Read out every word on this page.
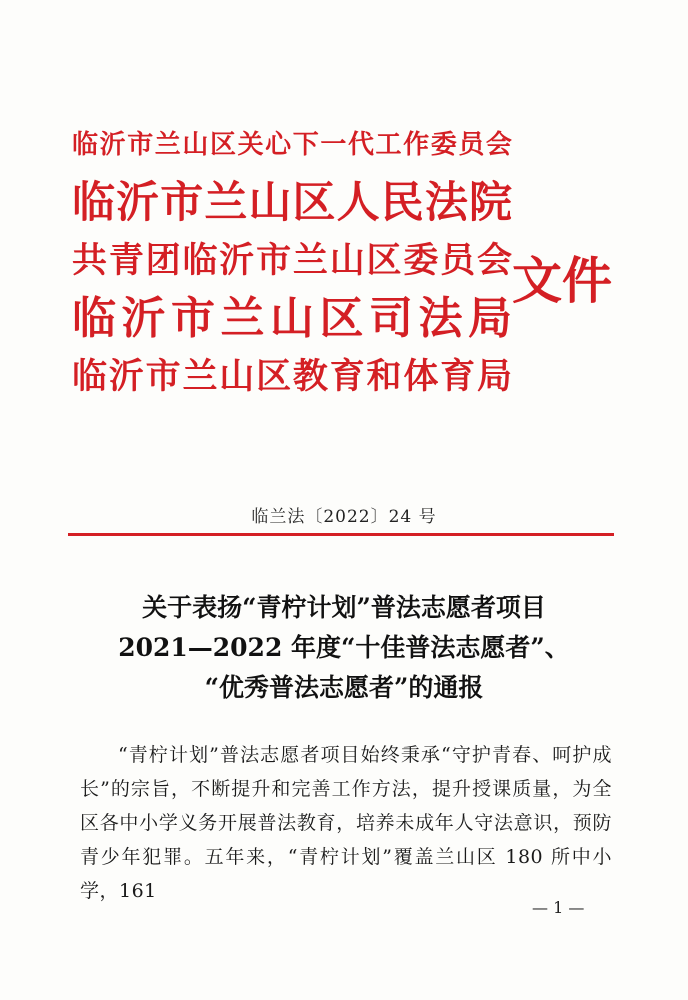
临 沂 市 兰 山 区 关 心 下 一 代 工 作 委 员 会
临 沂 市 兰 山 区 人 民 法 院
共 青 团 临 沂 市 兰 山 区 委 员 会
临 沂 市 兰 山 区 司 法 局
临 沂 市 兰 山 区 教 育 和 体 育 局
文件
临兰法〔2022〕24 号
关于表扬“青柠计划”普法志愿者项目
2021—2022 年度“十佳普法志愿者”、
“优秀普法志愿者”的通报
“青柠计划”普法志愿者项目始终秉承“守护青春、呵护成长”的宗旨，不断提升和完善工作方法，提升授课质量，为全区各中小学义务开展普法教育，培养未成年人守法意识，预防青少年犯罪。五年来，“青柠计划”覆盖兰山区 180 所中小学，161
— 1 —
